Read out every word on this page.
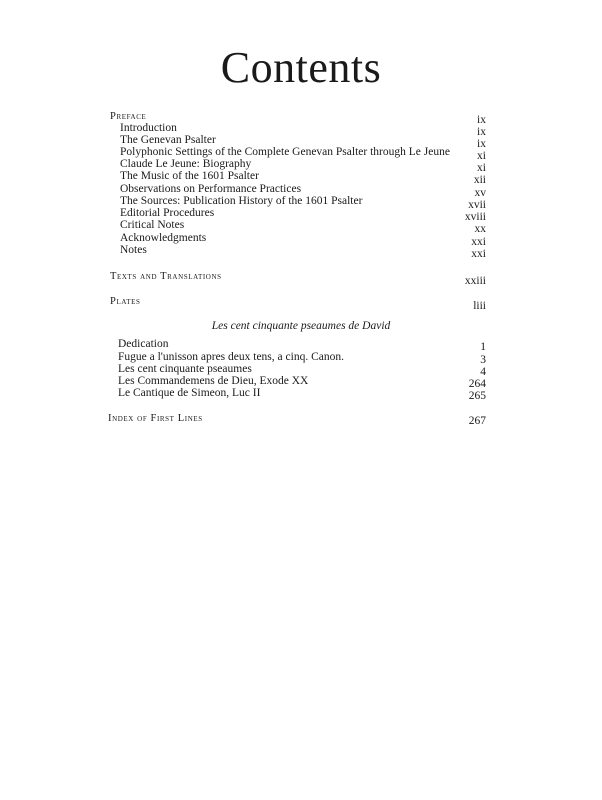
Contents
Preface	ix
Introduction	ix
The Genevan Psalter	ix
Polyphonic Settings of the Complete Genevan Psalter through Le Jeune xi
Claude Le Jeune: Biography	xi
The Music of the 1601 Psalter	xii
Observations on Performance Practices	xv
The Sources: Publication History of the 1601 Psalter	xvii
Editorial Procedures	xviii
Critical Notes	xx
Acknowledgments	xxi
Notes	xxi
Texts and Translations	xxiii
Plates	liii
Les cent cinquante pseaumes de David
Dedication	1
Fugue a l'unisson apres deux tens, a cinq. Canon.	3
Les cent cinquante pseaumes	4
Les Commandemens de Dieu, Exode XX	264
Le Cantique de Simeon, Luc II	265
Index of First Lines	267
